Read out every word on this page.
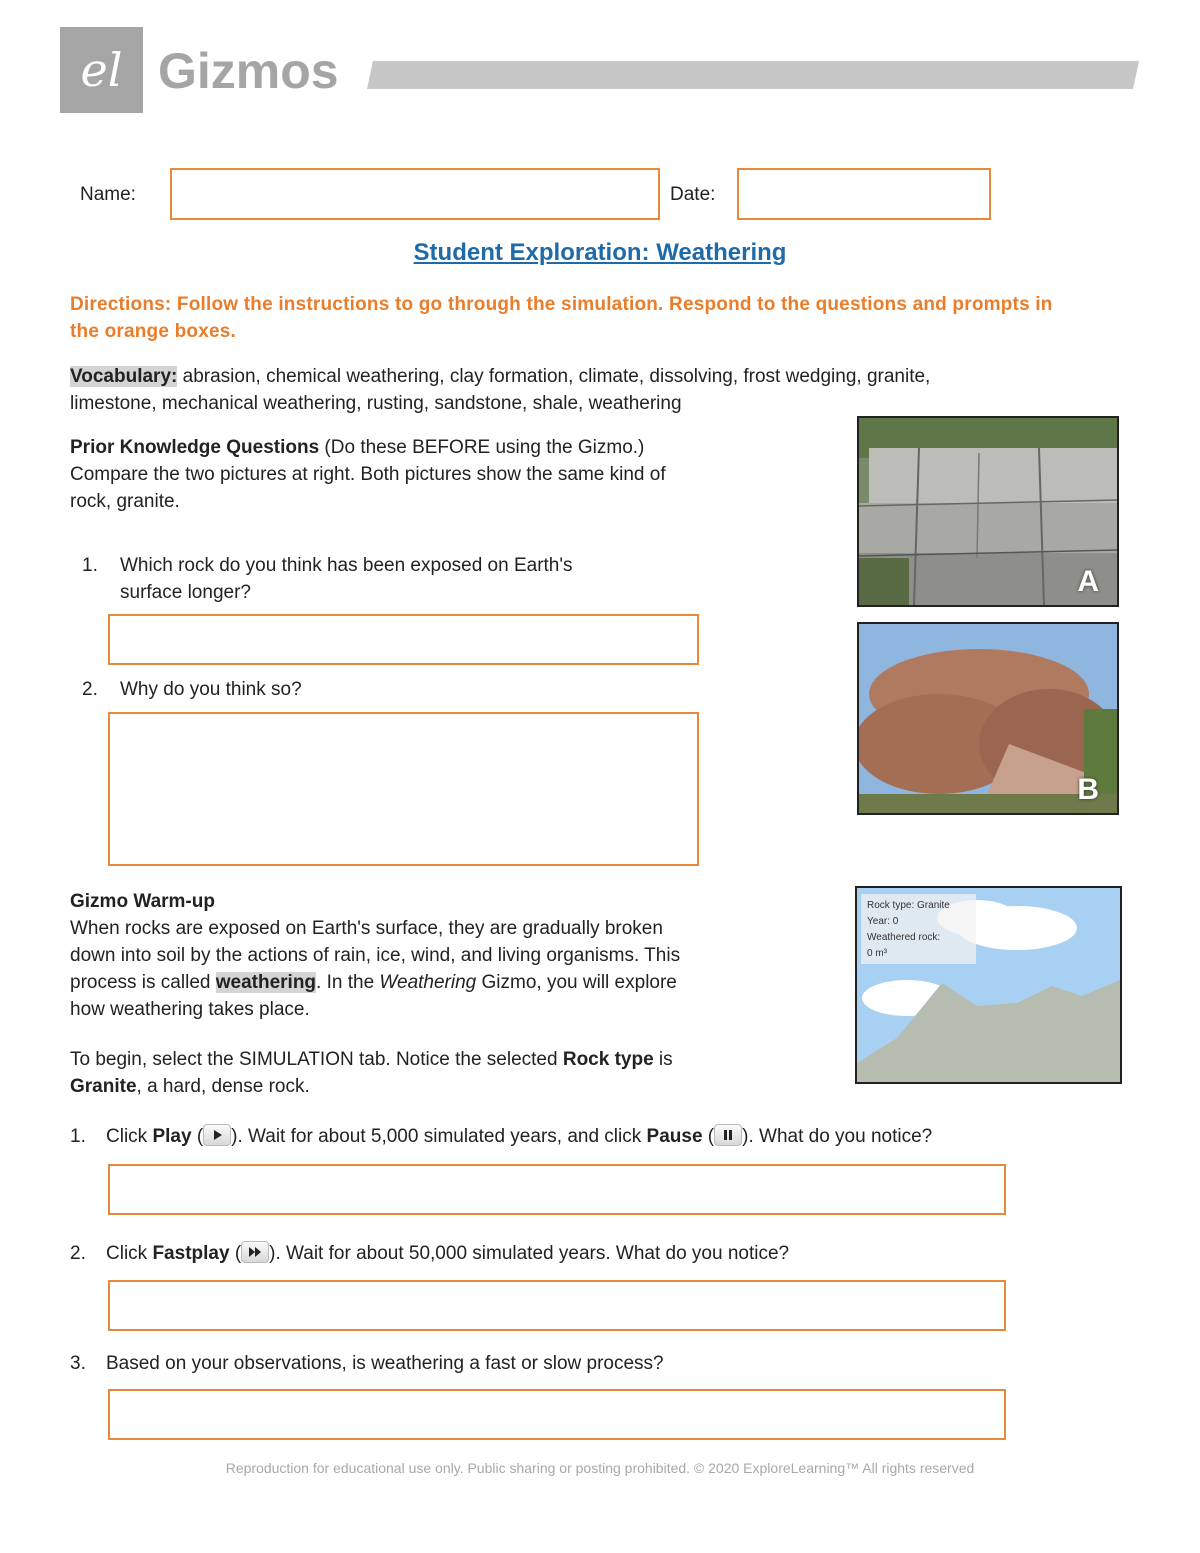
el Gizmos
Name:	Date:
Student Exploration: Weathering
Directions: Follow the instructions to go through the simulation. Respond to the questions and prompts in the orange boxes.
Vocabulary: abrasion, chemical weathering, clay formation, climate, dissolving, frost wedging, granite,
limestone, mechanical weathering, rusting, sandstone, shale, weathering
Prior Knowledge Questions (Do these BEFORE using the Gizmo.)
Compare the two pictures at right. Both pictures show the same kind of
rock, granite.
1. Which rock do you think has been exposed on Earth's
surface longer?
2. Why do you think so?
A
B
Gizmo Warm-up
When rocks are exposed on Earth's surface, they are gradually broken
down into soil by the actions of rain, ice, wind, and living organisms. This
process is called weathering. In the Weathering Gizmo, you will explore
how weathering takes place.
To begin, select the SIMULATION tab. Notice the selected Rock type is
Granite, a hard, dense rock.
Rock type: Granite
Year: 0
Weathered rock:
0 m³
1. Click Play ( ). Wait for about 5,000 simulated years, and click Pause ( ). What do you notice?
2. Click Fastplay ( ). Wait for about 50,000 simulated years. What do you notice?
3. Based on your observations, is weathering a fast or slow process?
Reproduction for educational use only. Public sharing or posting prohibited. © 2020 ExploreLearning™ All rights reserved
